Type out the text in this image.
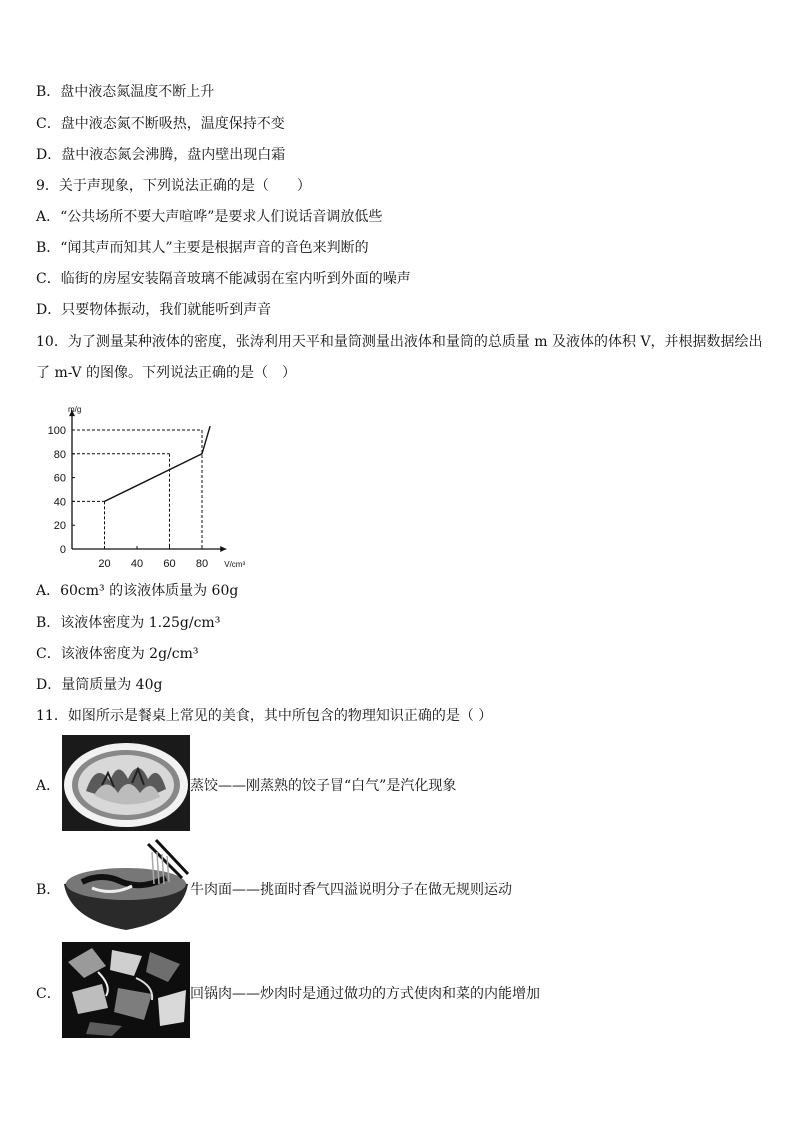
B．盘中液态氮温度不断上升
C．盘中液态氮不断吸热，温度保持不变
D．盘中液态氮会沸腾，盘内壁出现白霜
9．关于声现象，下列说法正确的是（　　）
A．“公共场所不要大声喧哗”是要求人们说话音调放低些
B．“闻其声而知其人”主要是根据声音的音色来判断的
C．临街的房屋安装隔音玻璃不能减弱在室内听到外面的噪声
D．只要物体振动，我们就能听到声音
10．为了测量某种液体的密度，张涛利用天平和量筒测量出液体和量筒的总质量 m 及液体的体积 V，并根据数据绘出
了 m-V 的图像。下列说法正确的是（　）
m/g
V/cm³
0
20
40
60
80
100
20 40 60 80
A．60cm³ 的该液体质量为 60g
B．该液体密度为 1.25g/cm³
C．该液体密度为 2g/cm³
D．量筒质量为 40g
11．如图所示是餐桌上常见的美食，其中所包含的物理知识正确的是（ ）
A．	蒸饺——刚蒸熟的饺子冒“白气”是汽化现象
B．	牛肉面——挑面时香气四溢说明分子在做无规则运动
C．	回锅肉——炒肉时是通过做功的方式使肉和菜的内能增加
